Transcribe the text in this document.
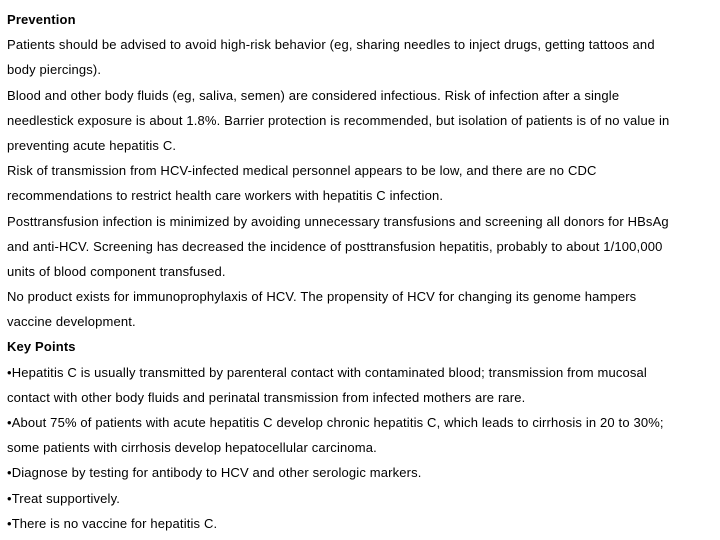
Prevention
Patients should be advised to avoid high-risk behavior (eg, sharing needles to inject drugs, getting tattoos and
body piercings).
Blood and other body fluids (eg, saliva, semen) are considered infectious. Risk of infection after a single
needlestick exposure is about 1.8%. Barrier protection is recommended, but isolation of patients is of no value in
preventing acute hepatitis C.
Risk of transmission from HCV-infected medical personnel appears to be low, and there are no CDC
recommendations to restrict health care workers with hepatitis C infection.
Posttransfusion infection is minimized by avoiding unnecessary transfusions and screening all donors for HBsAg
and anti-HCV. Screening has decreased the incidence of posttransfusion hepatitis, probably to about 1/100,000
units of blood component transfused.
No product exists for immunoprophylaxis of HCV. The propensity of HCV for changing its genome hampers
vaccine development.
Key Points
•Hepatitis C is usually transmitted by parenteral contact with contaminated blood; transmission from mucosal
contact with other body fluids and perinatal transmission from infected mothers are rare.
•About 75% of patients with acute hepatitis C develop chronic hepatitis C, which leads to cirrhosis in 20 to 30%;
some patients with cirrhosis develop hepatocellular carcinoma.
•Diagnose by testing for antibody to HCV and other serologic markers.
•Treat supportively.
•There is no vaccine for hepatitis C.
